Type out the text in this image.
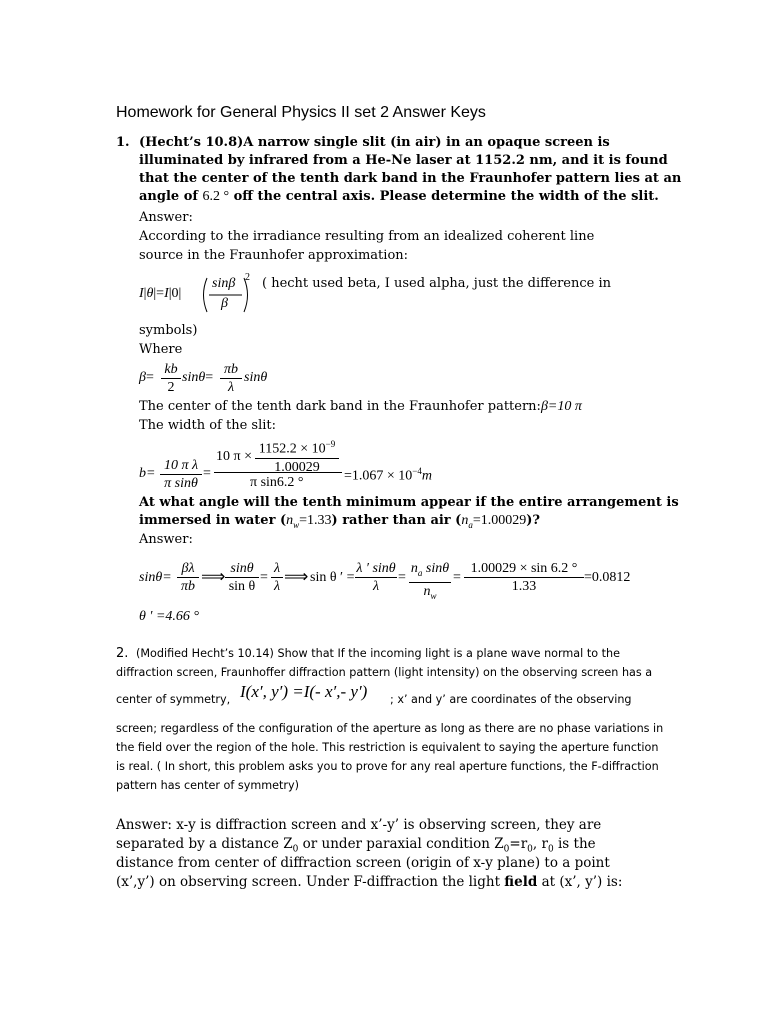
Homework for General Physics II set 2 Answer Keys
1. (Hecht’s 10.8)A narrow single slit (in air) in an opaque screen is
illuminated by infrared from a He-Ne laser at 1152.2 nm, and it is found
that the center of the tenth dark band in the Fraunhofer pattern lies at an
angle of 6.2 ° off the central axis. Please determine the width of the slit.
Answer:
According to the irradiance resulting from an idealized coherent line
source in the Fraunhofer approximation:
I|θ|=I|0|
sinβ
β
2 ( hecht used beta, I used alpha, just the difference in
symbols)
Where
β=
kb
2
sinθ=
πb
λ
sinθ
The center of the tenth dark band in the Fraunhofer pattern:β=10 π
The width of the slit:
b=
10 π λ
π sinθ
=
10 $\pi \times 1152.2 \times 10^{-9}$
1.00029
π sin6.2 °	$=1.067 \times 10^{-4}m$
At what angle will the tenth minimum appear if the entire arrangement is
immersed in water $(n_w=1.33)$ rather than air $(n_a=1.00029)$?
Answer:
sinθ=
βλ
πb
⟹ sinθ
sin θ
=
λ
λ
⟹ sin θ ′ =
λ ′ sinθ
λ
=
$n_a$ sinθ
$n_w$
=
1.00029 × sin 6.2 °
1.33
=0.0812
θ ′ =4.66 °
2. (Modified Hecht’s 10.14) Show that If the incoming light is a plane wave normal to the
diffraction screen, Fraunhoffer diffraction pattern (light intensity) on the observing screen has a
center of symmetry, I(x′, y′) =I(- x′,- y′) ; x’ and y’ are coordinates of the observing
screen; regardless of the configuration of the aperture as long as there are no phase variations in
the field over the region of the hole. This restriction is equivalent to saying the aperture function
is real. ( In short, this problem asks you to prove for any real aperture functions, the F-diffraction
pattern has center of symmetry)
Answer: x-y is diffraction screen and x’-y’ is observing screen, they are
separated by a distance $Z_0$ or under paraxial condition $Z_0=r_0$, $r_0$ is the
distance from center of diffraction screen (origin of x-y plane) to a point
(x’,y’) on observing screen. Under F-diffraction the light field at (x’, y’) is:
